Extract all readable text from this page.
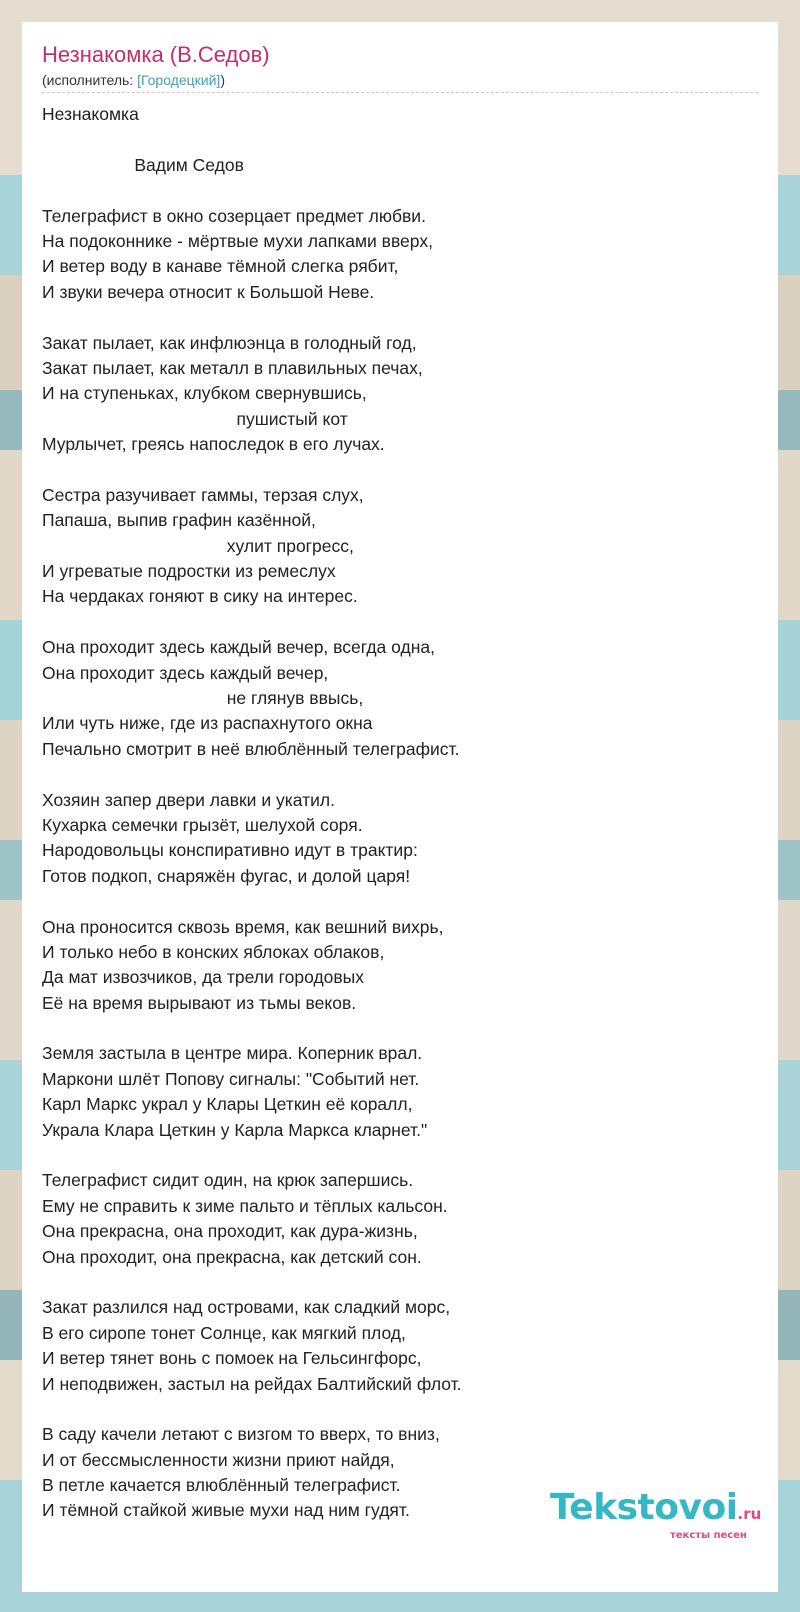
Незнакомка (В.Седов)
(исполнитель: [Городецкий])
Незнакомка
Вадим Седов
Телеграфист в окно созерцает предмет любви.
На подоконнике - мёртвые мухи лапками вверх,
И ветер воду в канаве тёмной слегка рябит,
И звуки вечера относит к Большой Неве.
Закат пылает, как инфлюэнца в голодный год,
Закат пылает, как металл в плавильных печах,
И на ступеньках, клубком свернувшись,
пушистый кот
Мурлычет, греясь напоследок в его лучах.
Сестра разучивает гаммы, терзая слух,
Папаша, выпив графин казённой,
хулит прогресс,
И угреватые подростки из ремеслух
На чердаках гоняют в сику на интерес.
Она проходит здесь каждый вечер, всегда одна,
Она проходит здесь каждый вечер,
не глянув ввысь,
Или чуть ниже, где из распахнутого окна
Печально смотрит в неё влюблённый телеграфист.
Хозяин запер двери лавки и укатил.
Кухарка семечки грызёт, шелухой соря.
Народовольцы конспиративно идут в трактир:
Готов подкоп, снаряжён фугас, и долой царя!
Она проносится сквозь время, как вешний вихрь,
И только небо в конских яблоках облаков,
Да мат извозчиков, да трели городовых
Её на время вырывают из тьмы веков.
Земля застыла в центре мира. Коперник врал.
Маркони шлёт Попову сигналы: "Событий нет.
Карл Маркс украл у Клары Цеткин её коралл,
Украла Клара Цеткин у Карла Маркса кларнет."
Телеграфист сидит один, на крюк запершись.
Ему не справить к зиме пальто и тёплых кальсон.
Она прекрасна, она проходит, как дура-жизнь,
Она проходит, она прекрасна, как детский сон.
Закат разлился над островами, как сладкий морс,
В его сиропе тонет Солнце, как мягкий плод,
И ветер тянет вонь с помоек на Гельсингфорс,
И неподвижен, застыл на рейдах Балтийский флот.
В саду качели летают с визгом то вверх, то вниз,
И от бессмысленности жизни приют найдя,
В петле качается влюблённый телеграфист.
И тёмной стайкой живые мухи над ним гудят.	Tekstovoi.ru
тексты песен
